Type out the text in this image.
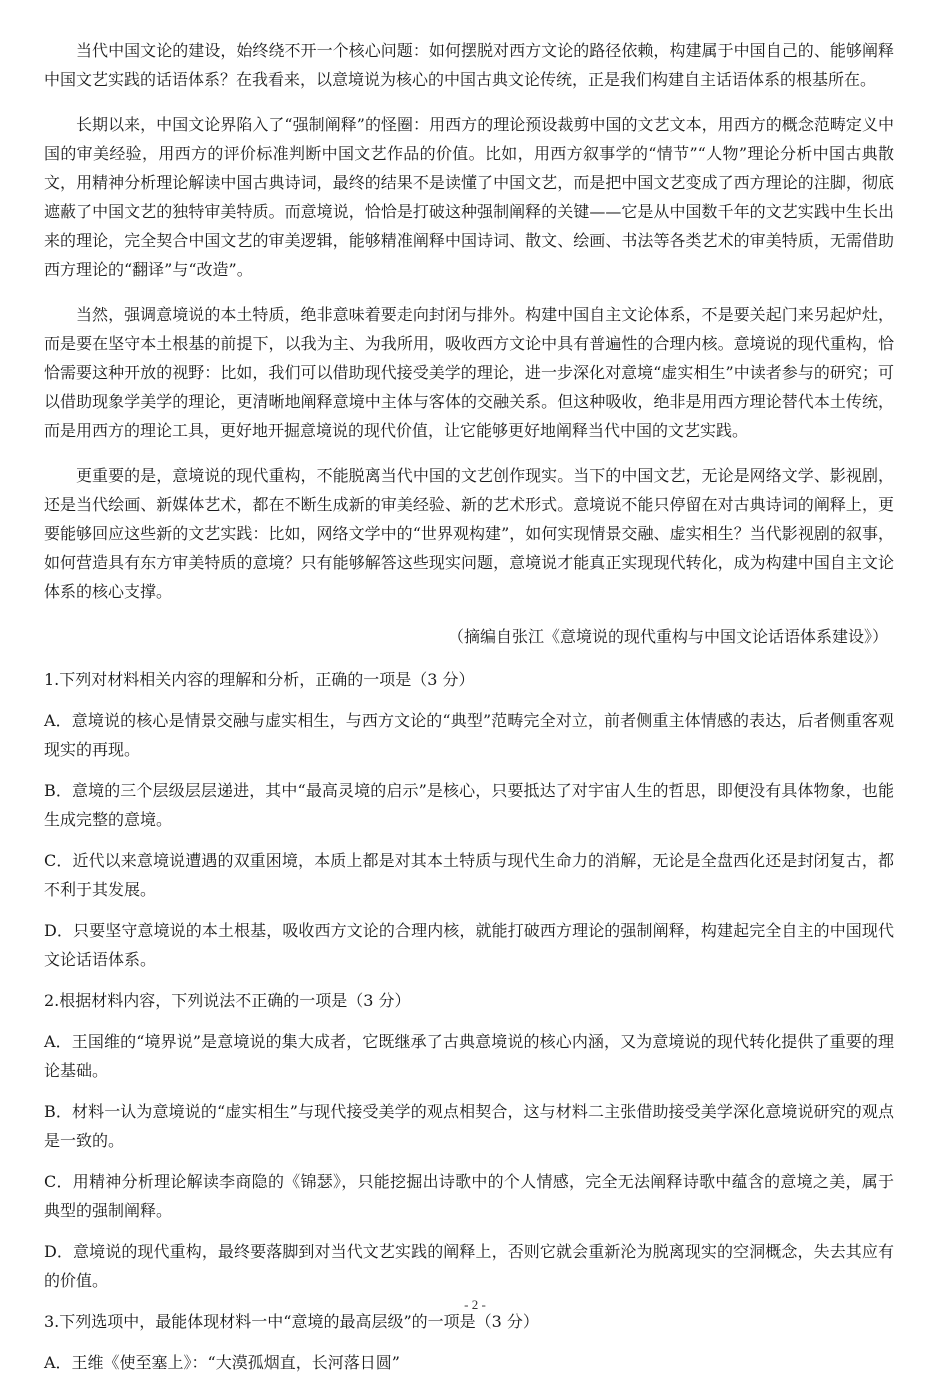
当代中国文论的建设，始终绕不开一个核心问题：如何摆脱对西方文论的路径依赖，构建属于中国自己的、能够阐释中国文艺实践的话语体系？在我看来，以意境说为核心的中国古典文论传统，正是我们构建自主话语体系的根基所在。

长期以来，中国文论界陷入了“强制阐释”的怪圈：用西方的理论预设裁剪中国的文艺文本，用西方的概念范畴定义中国的审美经验，用西方的评价标准判断中国文艺作品的价值。比如，用西方叙事学的“情节”“人物”理论分析中国古典散文，用精神分析理论解读中国古典诗词，最终的结果不是读懂了中国文艺，而是把中国文艺变成了西方理论的注脚，彻底遮蔽了中国文艺的独特审美特质。而意境说，恰恰是打破这种强制阐释的关键——它是从中国数千年的文艺实践中生长出来的理论，完全契合中国文艺的审美逻辑，能够精准阐释中国诗词、散文、绘画、书法等各类艺术的审美特质，无需借助西方理论的“翻译”与“改造”。

当然，强调意境说的本土特质，绝非意味着要走向封闭与排外。构建中国自主文论体系，不是要关起门来另起炉灶，而是要在坚守本土根基的前提下，以我为主、为我所用，吸收西方文论中具有普遍性的合理内核。意境说的现代重构，恰恰需要这种开放的视野：比如，我们可以借助现代接受美学的理论，进一步深化对意境“虚实相生”中读者参与的研究；可以借助现象学美学的理论，更清晰地阐释意境中主体与客体的交融关系。但这种吸收，绝非是用西方理论替代本土传统，而是用西方的理论工具，更好地开掘意境说的现代价值，让它能够更好地阐释当代中国的文艺实践。

更重要的是，意境说的现代重构，不能脱离当代中国的文艺创作现实。当下的中国文艺，无论是网络文学、影视剧，还是当代绘画、新媒体艺术，都在不断生成新的审美经验、新的艺术形式。意境说不能只停留在对古典诗词的阐释上，更要能够回应这些新的文艺实践：比如，网络文学中的“世界观构建”，如何实现情景交融、虚实相生？当代影视剧的叙事，如何营造具有东方审美特质的意境？只有能够解答这些现实问题，意境说才能真正实现现代转化，成为构建中国自主文论体系的核心支撑。

（摘编自张江《意境说的现代重构与中国文论话语体系建设》）

1.下列对材料相关内容的理解和分析，正确的一项是（3 分）

A．意境说的核心是情景交融与虚实相生，与西方文论的“典型”范畴完全对立，前者侧重主体情感的表达，后者侧重客观现实的再现。

B．意境的三个层级层层递进，其中“最高灵境的启示”是核心，只要抵达了对宇宙人生的哲思，即便没有具体物象，也能生成完整的意境。

C．近代以来意境说遭遇的双重困境，本质上都是对其本土特质与现代生命力的消解，无论是全盘西化还是封闭复古，都不利于其发展。

D．只要坚守意境说的本土根基，吸收西方文论的合理内核，就能打破西方理论的强制阐释，构建起完全自主的中国现代文论话语体系。

2.根据材料内容，下列说法不正确的一项是（3 分）

A．王国维的“境界说”是意境说的集大成者，它既继承了古典意境说的核心内涵，又为意境说的现代转化提供了重要的理论基础。

B．材料一认为意境说的“虚实相生”与现代接受美学的观点相契合，这与材料二主张借助接受美学深化意境说研究的观点是一致的。

C．用精神分析理论解读李商隐的《锦瑟》，只能挖掘出诗歌中的个人情感，完全无法阐释诗歌中蕴含的意境之美，属于典型的强制阐释。

D．意境说的现代重构，最终要落脚到对当代文艺实践的阐释上，否则它就会重新沦为脱离现实的空洞概念，失去其应有的价值。

3.下列选项中，最能体现材料一中“意境的最高层级”的一项是（3 分）

A．王维《使至塞上》：“大漠孤烟直，长河落日圆”

- 2 -
